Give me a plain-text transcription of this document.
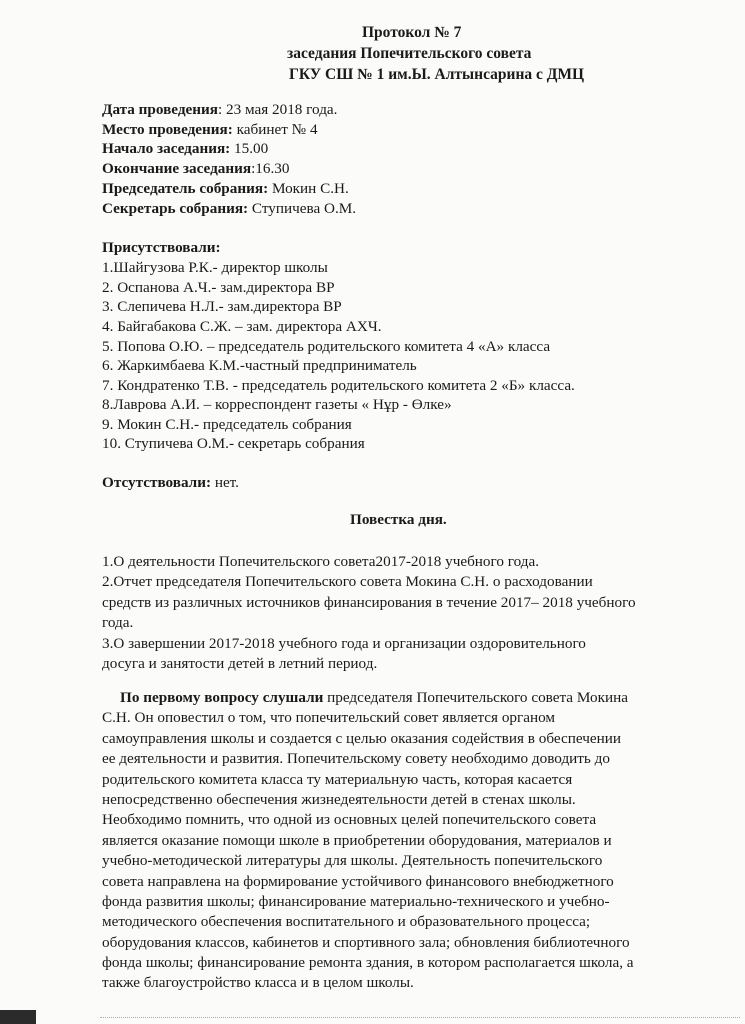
Протокол № 7
заседания Попечительского совета
ГКУ СШ № 1 им.Ы. Алтынсарина с ДМЦ
Дата проведения: 23 мая 2018 года.
Место проведения: кабинет № 4
Начало заседания: 15.00
Окончание заседания:16.30
Председатель собрания: Мокин С.Н.
Секретарь собрания: Ступичева О.М.
Присутствовали:
1.Шайгузова Р.К.- директор школы
2. Оспанова А.Ч.- зам.директора ВР
3. Слепичева Н.Л.- зам.директора ВР
4. Байгабакова С.Ж. – зам. директора АХЧ.
5. Попова О.Ю. – председатель родительского комитета 4 «А» класса
6. Жаркимбаева К.М.-частный предприниматель
7. Кондратенко Т.В. - председатель родительского комитета 2 «Б» класса.
8.Лаврова А.И. – корреспондент газеты « Нұр - Өлке»
9. Мокин С.Н.- председатель собрания
10. Ступичева О.М.- секретарь собрания
Отсутствовали: нет.
Повестка дня.
1.О деятельности Попечительского совета2017-2018 учебного года.
2.Отчет председателя Попечительского совета Мокина С.Н. о расходовании
средств из различных источников финансирования в течение 2017– 2018 учебного
года.
3.О завершении 2017-2018 учебного года и организации оздоровительного
досуга и занятости детей в летний период.
По первому вопросу слушали председателя Попечительского совета Мокина
С.Н. Он оповестил о том, что попечительский совет является органом
самоуправления школы и создается с целью оказания содействия в обеспечении
ее деятельности и развития. Попечительскому совету необходимо доводить до
родительского комитета класса ту материальную часть, которая касается
непосредственно обеспечения жизнедеятельности детей в стенах школы.
Необходимо помнить, что одной из основных целей попечительского совета
является оказание помощи школе в приобретении оборудования, материалов и
учебно-методической литературы для школы. Деятельность попечительского
совета направлена на формирование устойчивого финансового внебюджетного
фонда развития школы; финансирование материально-технического и учебно-
методического обеспечения воспитательного и образовательного процесса;
оборудования классов, кабинетов и спортивного зала; обновления библиотечного
фонда школы; финансирование ремонта здания, в котором располагается школа, а
также благоустройство класса и в целом школы.
